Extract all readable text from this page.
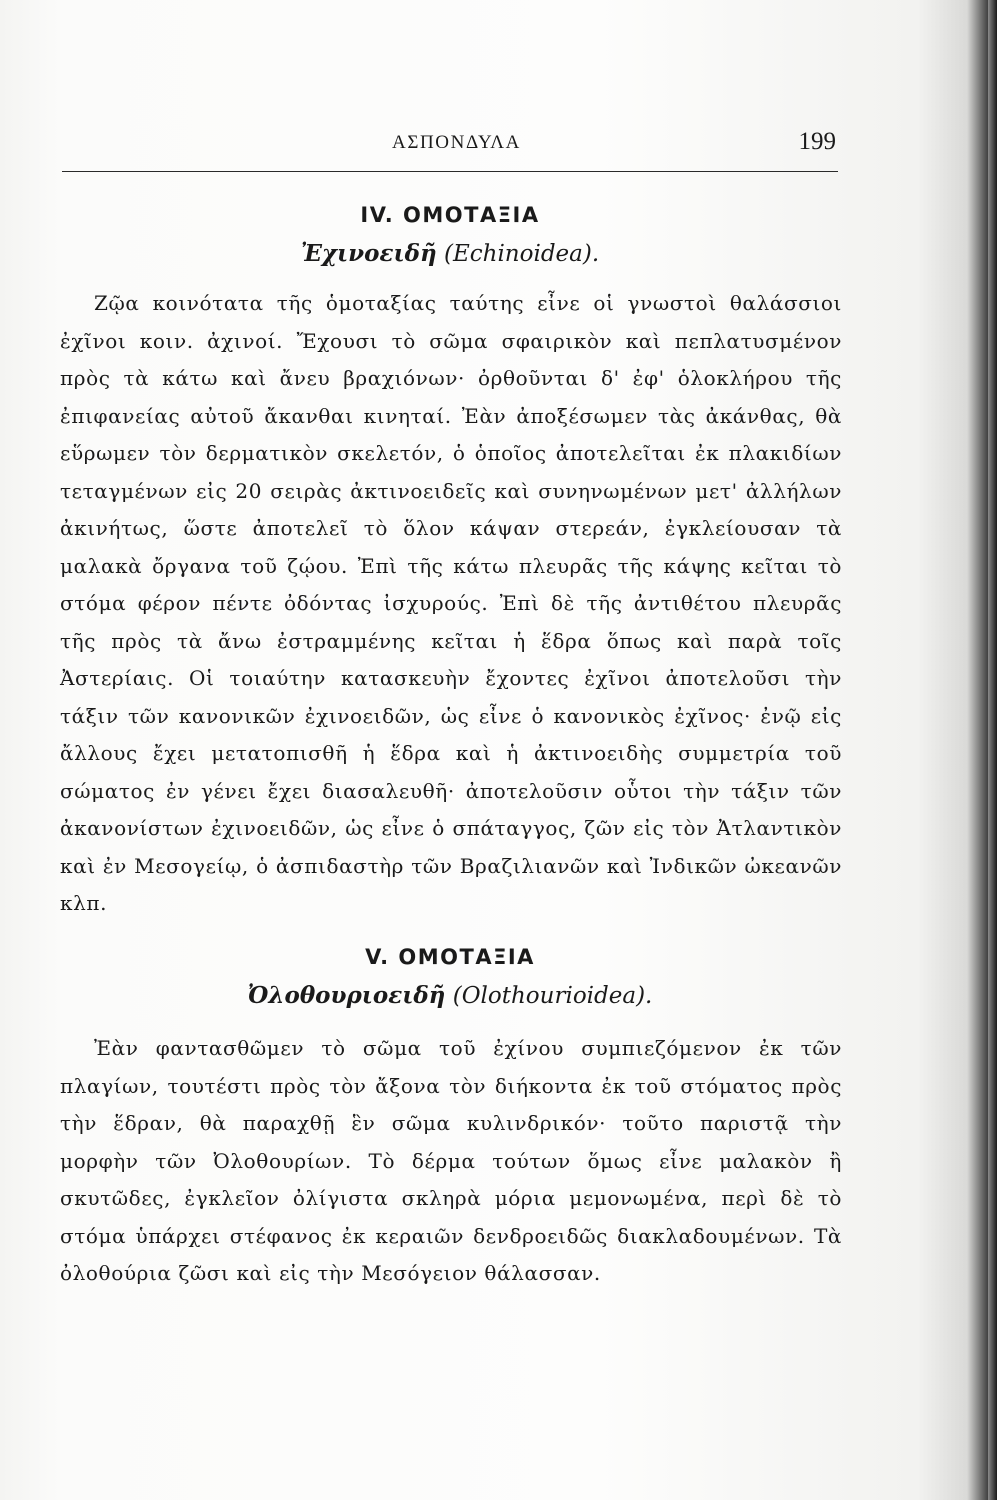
ΑΣΠΟΝΔΥΛΑ	199
IV. ΟΜΟΤΑΞΙΑ
Ἐχινοειδῆ (Echinoidea).

Ζῷα κοινότατα τῆς ὁμοταξίας ταύτης εἶνε οἱ γνωστοὶ θαλάσσιοι ἐχῖνοι κοιν. ἀχινοί. Ἔχουσι τὸ σῶμα σφαιρικὸν καὶ πεπλατυσμένον πρὸς τὰ κάτω καὶ ἄνευ βραχιόνων· ὀρθοῦνται δ' ἐφ' ὁλοκλήρου τῆς ἐπιφανείας αὐτοῦ ἄκανθαι κινηταί. Ἐὰν ἀποξέσωμεν τὰς ἀκάνθας, θὰ εὕρωμεν τὸν δερματικὸν σκελετόν, ὁ ὁποῖος ἀποτελεῖται ἐκ πλακιδίων τεταγμένων εἰς 20 σειρὰς ἀκτινοειδεῖς καὶ συνηνωμένων μετ' ἀλλήλων ἀκινήτως, ὥστε ἀποτελεῖ τὸ ὅλον κάψαν στερεάν, ἐγκλείουσαν τὰ μαλακὰ ὄργανα τοῦ ζῴου. Ἐπὶ τῆς κάτω πλευρᾶς τῆς κάψης κεῖται τὸ στόμα φέρον πέντε ὀδόντας ἰσχυρούς. Ἐπὶ δὲ τῆς ἀντιθέτου πλευρᾶς τῆς πρὸς τὰ ἄνω ἐστραμμένης κεῖται ἡ ἕδρα ὅπως καὶ παρὰ τοῖς Ἀστερίαις. Οἱ τοιαύτην κατασκευὴν ἔχοντες ἐχῖνοι ἀποτελοῦσι τὴν τάξιν τῶν κανονικῶν ἐχινοειδῶν, ὡς εἶνε ὁ κανονικὸς ἐχῖνος· ἐνῷ εἰς ἄλλους ἔχει μετατοπισθῆ ἡ ἕδρα καὶ ἡ ἀκτινοειδὴς συμμετρία τοῦ σώματος ἐν γένει ἔχει διασαλευθῆ· ἀποτελοῦσιν οὗτοι τὴν τάξιν τῶν ἀκανονίστων ἐχινοειδῶν, ὡς εἶνε ὁ σπάταγγος, ζῶν εἰς τὸν Ἀτλαντικὸν καὶ ἐν Μεσογείῳ, ὁ ἀσπιδαστὴρ τῶν Βραζιλιανῶν καὶ Ἰνδικῶν ὠκεανῶν κλπ.

V. ΟΜΟΤΑΞΙΑ
Ὀλοθουριοειδῆ (Olothourioidea).

Ἐὰν φαντασθῶμεν τὸ σῶμα τοῦ ἐχίνου συμπιεζόμενον ἐκ τῶν πλαγίων, τουτέστι πρὸς τὸν ἄξονα τὸν διήκοντα ἐκ τοῦ στόματος πρὸς τὴν ἕδραν, θὰ παραχθῇ ἓν σῶμα κυλινδρικόν· τοῦτο παριστᾷ τὴν μορφὴν τῶν Ὀλοθουρίων. Τὸ δέρμα τούτων ὅμως εἶνε μαλακὸν ἢ σκυτῶδες, ἐγκλεῖον ὀλίγιστα σκληρὰ μόρια μεμονωμένα, περὶ δὲ τὸ στόμα ὑπάρχει στέφανος ἐκ κεραιῶν δενδροειδῶς διακλαδουμένων. Τὰ ὀλοθούρια ζῶσι καὶ εἰς τὴν Μεσόγειον θάλασσαν.
